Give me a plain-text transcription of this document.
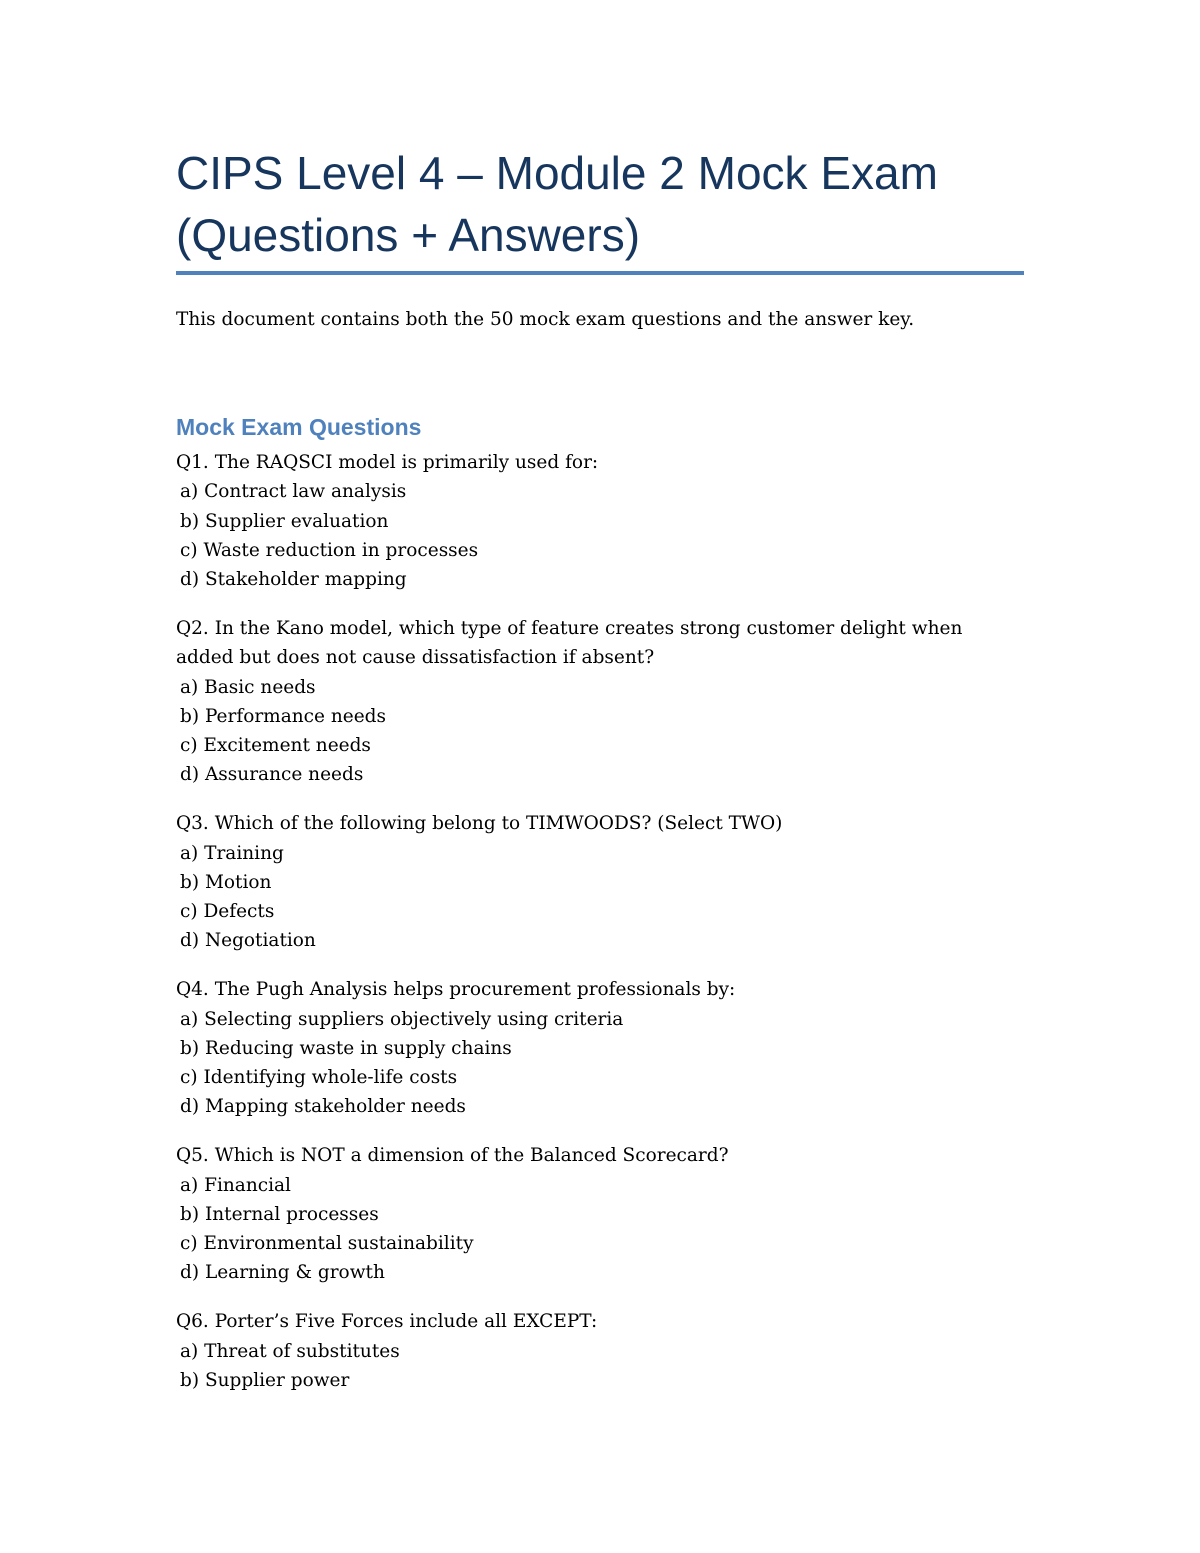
CIPS Level 4 – Module 2 Mock Exam (Questions + Answers)

This document contains both the 50 mock exam questions and the answer key.

Mock Exam Questions

Q1. The RAQSCI model is primarily used for:

a) Contract law analysis
b) Supplier evaluation
c) Waste reduction in processes
d) Stakeholder mapping

Q2. In the Kano model, which type of feature creates strong customer delight when added but does not cause dissatisfaction if absent?

a) Basic needs
b) Performance needs
c) Excitement needs
d) Assurance needs

Q3. Which of the following belong to TIMWOODS? (Select TWO)

a) Training
b) Motion
c) Defects
d) Negotiation

Q4. The Pugh Analysis helps procurement professionals by:

a) Selecting suppliers objectively using criteria
b) Reducing waste in supply chains
c) Identifying whole-life costs
d) Mapping stakeholder needs

Q5. Which is NOT a dimension of the Balanced Scorecard?

a) Financial
b) Internal processes
c) Environmental sustainability
d) Learning & growth

Q6. Porter’s Five Forces include all EXCEPT:

a) Threat of substitutes
b) Supplier power
